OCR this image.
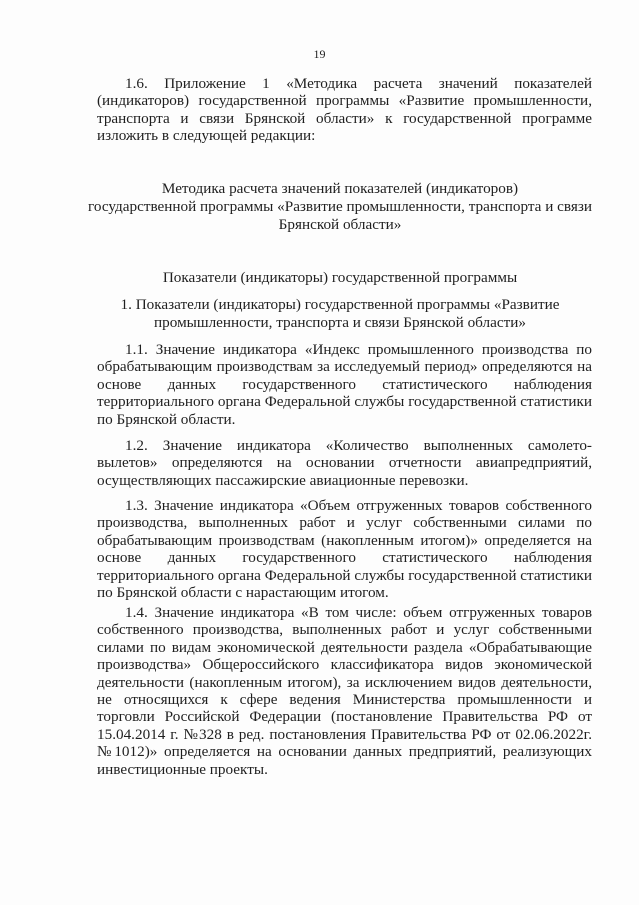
19

1.6. Приложение 1 «Методика расчета значений показателей (индикаторов) государственной программы «Развитие промышленности, транспорта и связи Брянской области» к государственной программе изложить в следующей редакции:

Методика расчета значений показателей (индикаторов)
государственной программы «Развитие промышленности, транспорта и связи
Брянской области»
Показатели (индикаторы) государственной программы
1. Показатели (индикаторы) государственной программы «Развитие
промышленности, транспорта и связи Брянской области»

1.1. Значение индикатора «Индекс промышленного производства по обрабатывающим производствам за исследуемый период» определяются на основе данных государственного статистического наблюдения территориального органа Федеральной службы государственной статистики по Брянской области.

1.2. Значение индикатора «Количество выполненных самолето-вылетов» определяются на основании отчетности авиапредприятий, осуществляющих пассажирские авиационные перевозки.

1.3. Значение индикатора «Объем отгруженных товаров собственного производства, выполненных работ и услуг собственными силами по обрабатывающим производствам (накопленным итогом)» определяется на основе данных государственного статистического наблюдения территориального органа Федеральной службы государственной статистики по Брянской области с нарастающим итогом.

1.4. Значение индикатора «В том числе: объем отгруженных товаров собственного производства, выполненных работ и услуг собственными силами по видам экономической деятельности раздела «Обрабатывающие производства» Общероссийского классификатора видов экономической деятельности (накопленным итогом), за исключением видов деятельности, не относящихся к сфере ведения Министерства промышленности и торговли Российской Федерации (постановление Правительства РФ от 15.04.2014 г. №328 в ред. постановления Правительства РФ от 02.06.2022г. №1012)» определяется на основании данных предприятий, реализующих инвестиционные проекты.
